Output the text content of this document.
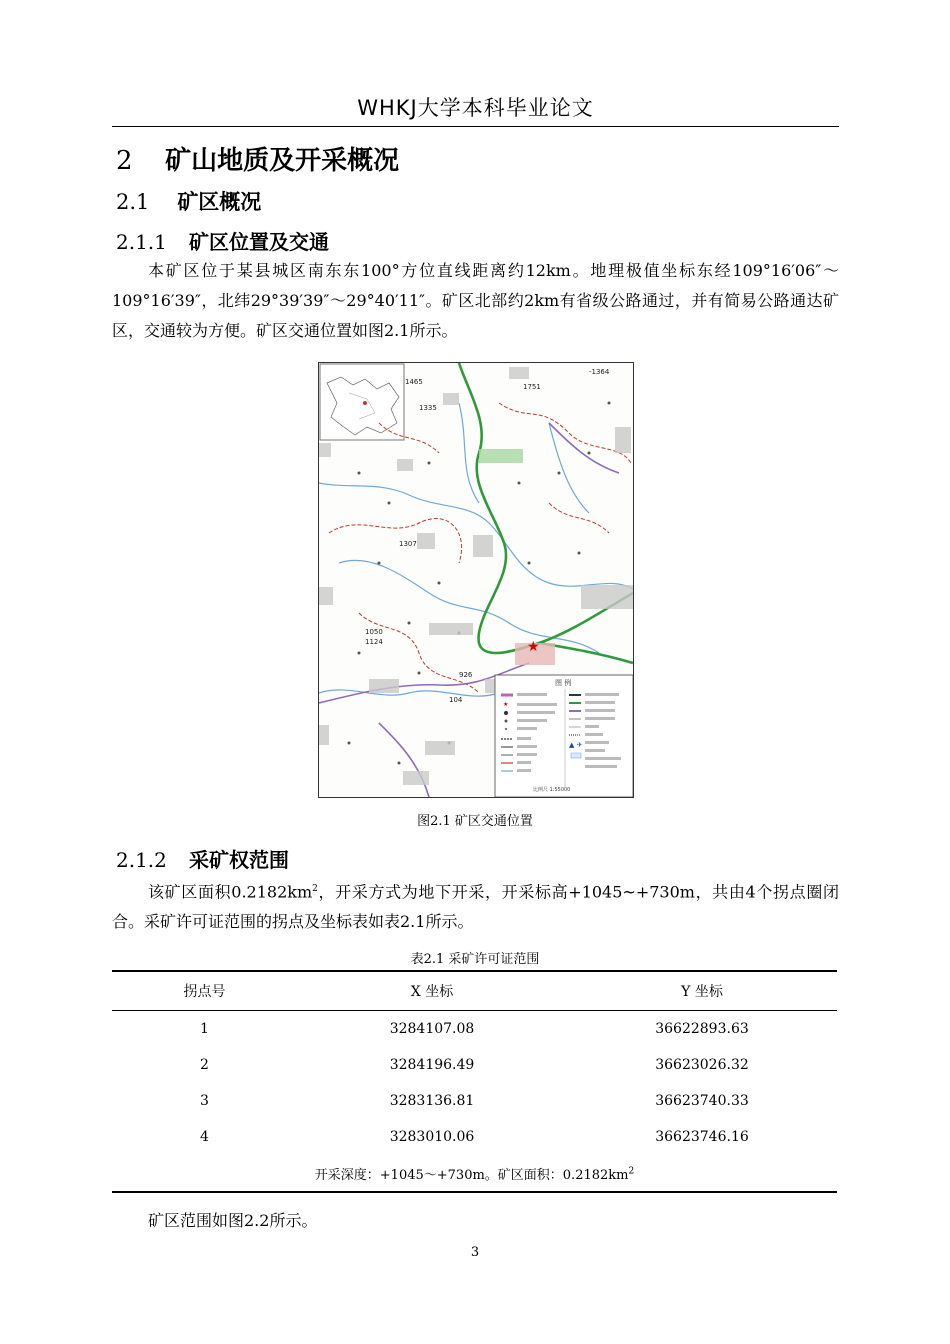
WHKJ大学本科毕业论文
2 矿山地质及开采概况
2.1 矿区概况
2.1.1 矿区位置及交通

本矿区位于某县城区南东东100°方位直线距离约12km。地理极值坐标东经109°16′06″～109°16′39″，北纬29°39′39″～29°40′11″。矿区北部约2km有省级公路通过，并有简易公路通达矿区，交通较为方便。矿区交通位置如图2.1所示。

1465
1335
1751
-1364
1307
1050
1124
926
104
★
图 例
★
▲ ✈
比例尺 1:55000
图2.1 矿区交通位置
2.1.2 采矿权范围

该矿区面积$0.2182km^2$，开采方式为地下开采，开采标高+1045~+730m，共由4个拐点圈闭合。采矿许可证范围的拐点及坐标表如表2.1所示。

表2.1 采矿许可证范围
拐点号	X 坐标	Y 坐标
1	3284107.08	36622893.63
2	3284196.49	36623026.32
3	3283136.81	36623740.33
4	3283010.06	36623746.16
开采深度：+1045～+730m。矿区面积：$0.2182km^2$

矿区范围如图2.2所示。

3
